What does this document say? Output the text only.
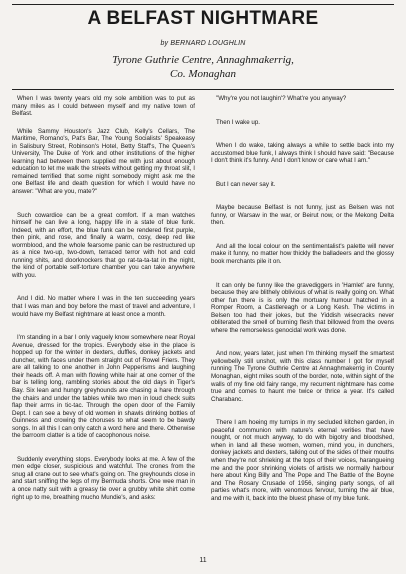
A BELFAST NIGHTMARE
by BERNARD LOUGHLIN
Tyrone Guthrie Centre, Annaghmakerrig,
Co. Monaghan

When I was twenty years old my sole ambition was to put as many miles as I could between myself and my native town of Belfast.

While Sammy Houston's Jazz Club, Kelly's Cellars, The Maritime, Romano's, Pat's Bar, The Young Socialists' Speakeasy in Salisbury Street, Robinson's Hotel, Betty Staff's, The Queen's University, The Duke of York and other institutions of the higher learning had between them supplied me with just about enough education to let me walk the streets without getting my throat slit, I remained terrified that some night somebody might ask me the one Belfast life and death question for which I would have no answer: "What are you, mate?"

Such cowardice can be a great comfort. If a man watches himself he can live a long, happy life in a state of blue funk. Indeed, with an effort, the blue funk can be rendered first purple, then pink, and rose, and finally a warm, cosy, deep red like wormblood, and the whole fearsome panic can be restructured up as a nice two-up, two-down, terraced terror with hot and cold running shits, and doorknockers that go rat-ta-ta-tat in the night, the kind of portable self-torture chamber you can take anywhere with you.

And I did. No matter where I was in the ten succeeding years that I was man and boy before the mast of travel and adventure, I would have my Belfast nightmare at least once a month.

I'm standing in a bar I only vaguely know somewhere near Royal Avenue, dressed for the tropics. Everybody else in the place is hopped up for the winter in dexters, duffles, donkey jackets and duncher, with faces under them straight out of Rowel Friers. They are all talking to one another in John Pepperisms and laughing their heads off. A man with flowing white hair at one corner of the bar is telling long, rambling stories about the old days in Tiger's Bay. Six lean and hungry greyhounds are chasing a hare through the chairs and under the tables while two men in loud check suits flap their arms in tic-tac. Through the open door of the Family Dept. I can see a bevy of old women in shawls drinking bottles of Guinness and crowing the choruses to what seem to be bawdy songs. In all this I can only catch a word here and there. Otherwise the barroom clatter is a tide of cacophonous noise.

Suddenly everything stops. Everybody looks at me. A few of the men edge closer, suspicious and watchful. The crones from the snug all crane out to see what's going on. The greyhounds close in and start sniffing the legs of my Bermuda shorts. One wee man in a once natty suit with a greasy tie over a grubby white shirt come right up to me, breathing mucho Mundie's, and asks:

"Why're you not laughin'? What're you anyway?

Then I wake up.

When I do wake, taking always a while to settle back into my accustomed blue funk, I always think I should have said: "Because I don't think it's funny. And I don't know or care what I am."

But I can never say it.

Maybe because Belfast is not funny, just as Belsen was not funny, or Warsaw in the war, or Beirut now, or the Mekong Delta then.

And all the local colour on the sentimentalist's palette will never make it funny, no matter how thickly the balladeers and the glossy book merchants pile it on.

It can only be funny like the gravediggers in 'Hamlet' are funny, because they are blithely oblivious of what is really going on. What other fun there is is only the mortuary humour hatched in a Romper Room, a Castlereagh or a Long Kesh. The victims in Belsen too had their jokes, but the Yiddish wisecracks never obliterated the smell of burning flesh that billowed from the ovens where the remorseless genocidal work was done.

And now, years later, just when I'm thinking myself the smartest yellowbelly still unshot, with this class number I got for myself running The Tyrone Guthrie Centre at Annaghmakerrig in County Monaghan, eight miles south of the border, note, within sight of the walls of my fine old fairy range, my recurrent nightmare has come true and comes to haunt me twice or thrice a year. It's called Charabanc.

There I am hoeing my turnips in my secluded kitchen garden, in peaceful communion with nature's eternal verities that have nought, or not much anyway, to do with bigotry and bloodshed, when in land all these women, women, mind you, in dunchers, donkey jackets and dexters, talking out of the sides of their mouths when they're not shrieking at the tops of their voices, harangueing me and the poor shrinking violets of artists we normally harbour here about King Billy and The Pope and The Battle of the Boyne and The Rosary Crusade of 1956, singing party songs, of all parties what's more, with venomous fervour, turning the air blue, and me with it, back into the bluest phase of my blue funk.

11
